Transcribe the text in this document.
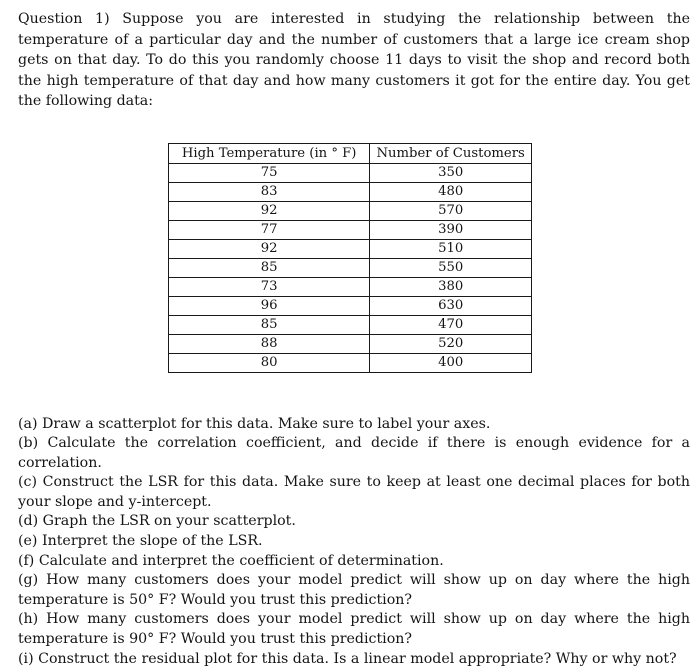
Question 1) Suppose you are interested in studying the relationship between the temperature of a particular day and the number of customers that a large ice cream shop gets on that day. To do this you randomly choose 11 days to visit the shop and record both the high temperature of that day and how many customers it got for the entire day. You get the following data:

High Temperature (in ° F)	Number of Customers
75	350
83	480
92	570
77	390
92	510
85	550
73	380
96	630
85	470
88	520
80	400

(a) Draw a scatterplot for this data. Make sure to label your axes.

(b) Calculate the correlation coefficient, and decide if there is enough evidence for a correlation.

(c) Construct the LSR for this data. Make sure to keep at least one decimal places for both your slope and y-intercept.

(d) Graph the LSR on your scatterplot.

(e) Interpret the slope of the LSR.

(f) Calculate and interpret the coefficient of determination.

(g) How many customers does your model predict will show up on day where the high temperature is 50° F? Would you trust this prediction?

(h) How many customers does your model predict will show up on day where the high temperature is 90° F? Would you trust this prediction?

(i) Construct the residual plot for this data. Is a linear model appropriate? Why or why not?
